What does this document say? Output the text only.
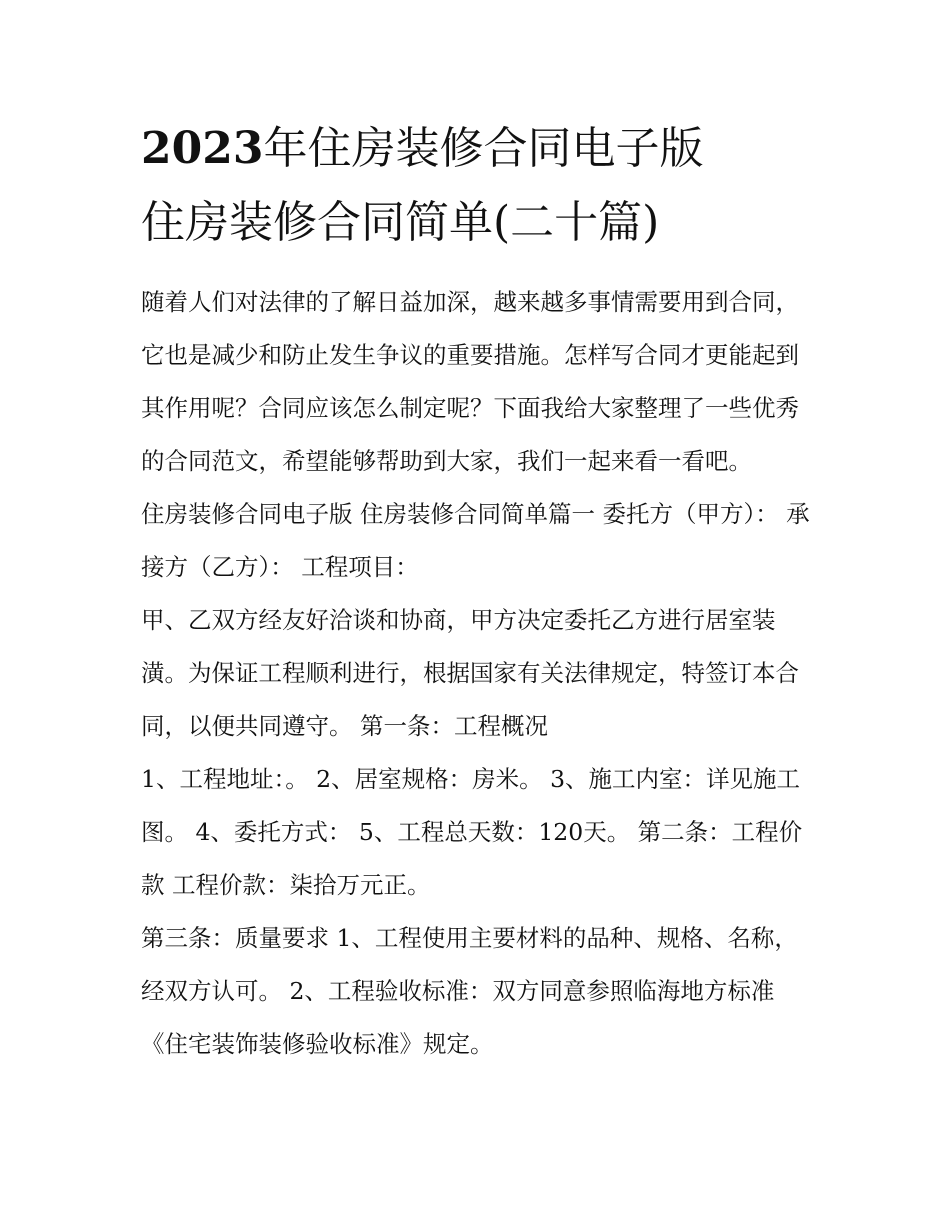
2023年住房装修合同电子版
住房装修合同简单(二十篇)

随着人们对法律的了解日益加深，越来越多事情需要用到合同，它也是减少和防止发生争议的重要措施。怎样写合同才更能起到其作用呢？合同应该怎么制定呢？下面我给大家整理了一些优秀的合同范文，希望能够帮助到大家，我们一起来看一看吧。

住房装修合同电子版 住房装修合同简单篇一 委托方（甲方）： 承接方（乙方）： 工程项目：

甲、乙双方经友好洽谈和协商，甲方决定委托乙方进行居室装潢。为保证工程顺利进行，根据国家有关法律规定，特签订本合同，以便共同遵守。 第一条：工程概况

1、工程地址：。 2、居室规格：房米。 3、施工内室：详见施工图。 4、委托方式： 5、工程总天数：120天。 第二条：工程价款 工程价款：柒拾万元正。

第三条：质量要求 1、工程使用主要材料的品种、规格、名称，经双方认可。 2、工程验收标准：双方同意参照临海地方标准《住宅装饰装修验收标准》规定。
